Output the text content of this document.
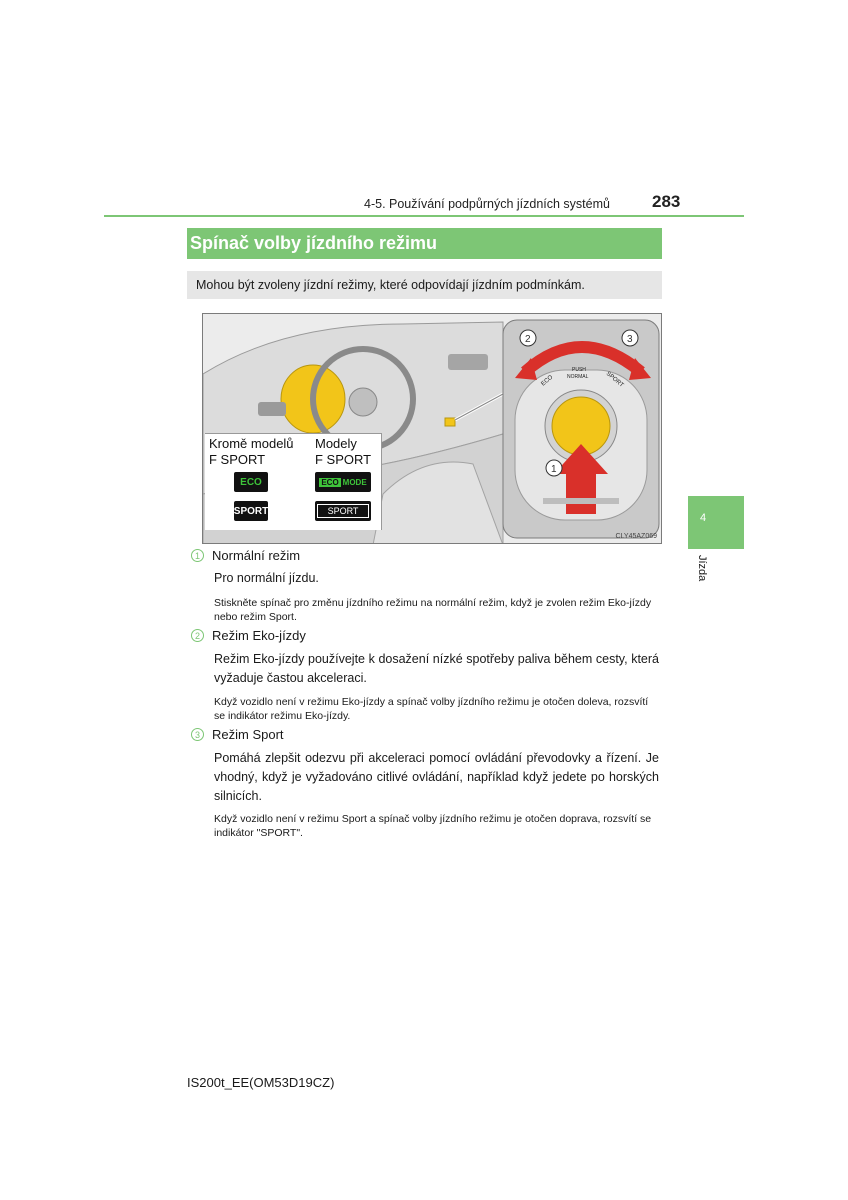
4-5. Používání podpůrných jízdních systémů 283
Spínač volby jízdního režimu
Mohou být zvoleny jízdní režimy, které odpovídají jízdním podmínkám.
ECO
PUSH
NORMAL	SPORT
2	3
1
Kromě modelů
F SPORT
Modely
F SPORT
ECO
SPORT
ECO MODE
SPORT
CLY45AZ069
1 Normální režim
Pro normální jízdu.
Stiskněte spínač pro změnu jízdního režimu na normální režim, když je zvolen režim Eko-jízdy nebo režim Sport.
2 Režim Eko-jízdy
Režim Eko-jízdy používejte k dosažení nízké spotřeby paliva během cesty, která vyžaduje častou akceleraci.
Když vozidlo není v režimu Eko-jízdy a spínač volby jízdního režimu je otočen doleva, rozsvítí se indikátor režimu Eko-jízdy.
3 Režim Sport
Pomáhá zlepšit odezvu při akceleraci pomocí ovládání převodovky a řízení. Je vhodný, když je vyžadováno citlivé ovládání, například když jedete po horských silnicích.
Když vozidlo není v režimu Sport a spínač volby jízdního režimu je otočen doprava, rozsvítí se indikátor "SPORT".
4
Jízda
IS200t_EE(OM53D19CZ)
